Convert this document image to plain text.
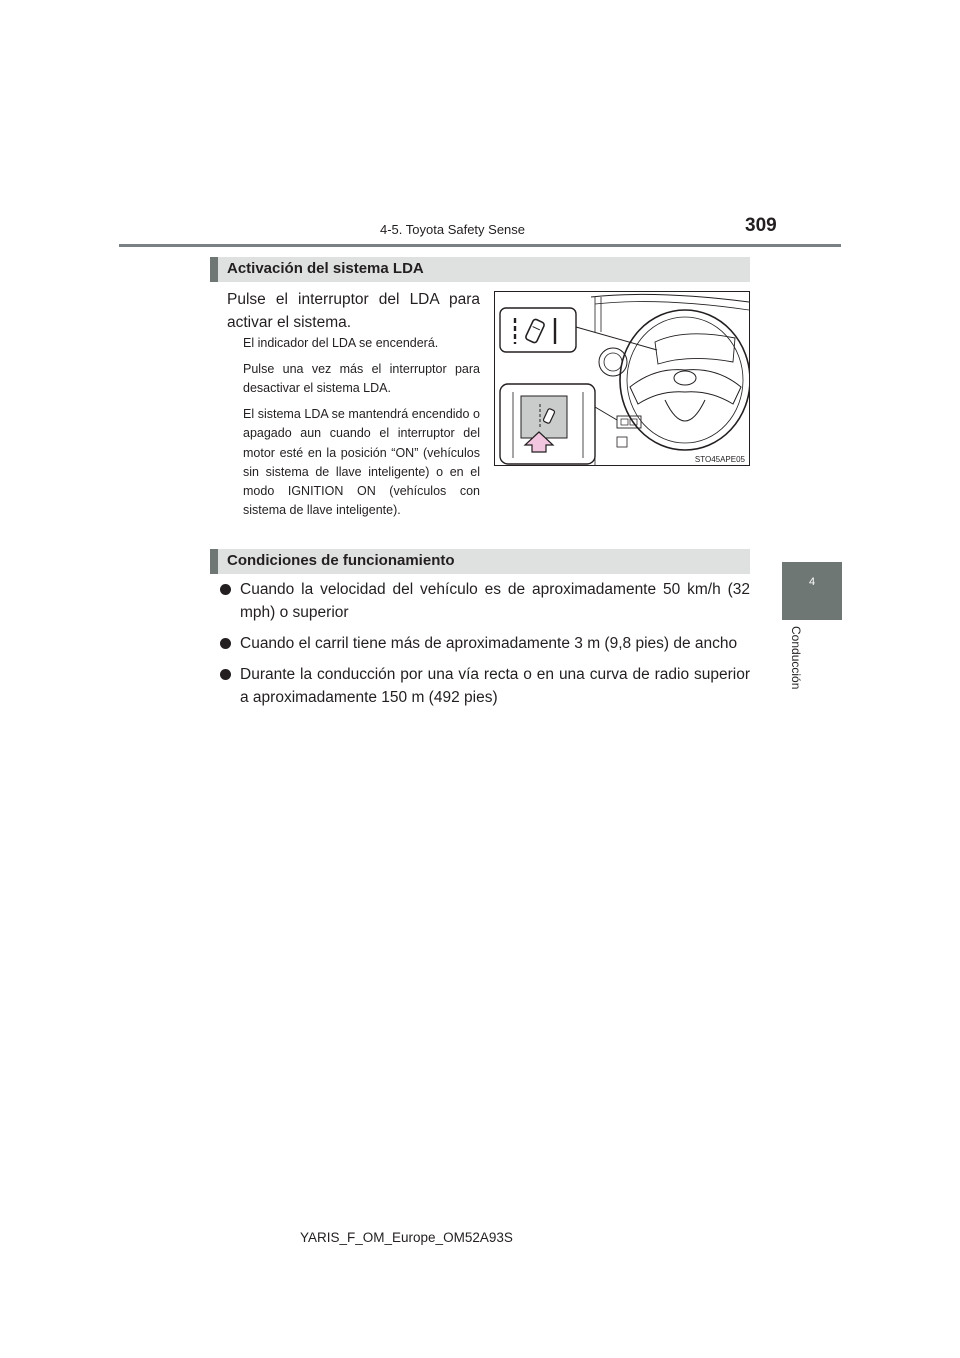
4-5. Toyota Safety Sense	309
4
Conducción
Activación del sistema LDA
Pulse el interruptor del LDA para activar el sistema.
El indicador del LDA se encenderá.
Pulse una vez más el interruptor para desactivar el sistema LDA.
El sistema LDA se mantendrá encendido o apagado aun cuando el interruptor del motor esté en la posición “ON” (vehículos sin sistema de llave inteligente) o en el modo IGNITION ON (vehículos con sistema de llave inteligente).
STO45APE05
Condiciones de funcionamiento
Cuando la velocidad del vehículo es de aproximadamente 50 km/h (32 mph) o superior
Cuando el carril tiene más de aproximadamente 3 m (9,8 pies) de ancho
Durante la conducción por una vía recta o en una curva de radio superior a aproximadamente 150 m (492 pies)
YARIS_F_OM_Europe_OM52A93S
